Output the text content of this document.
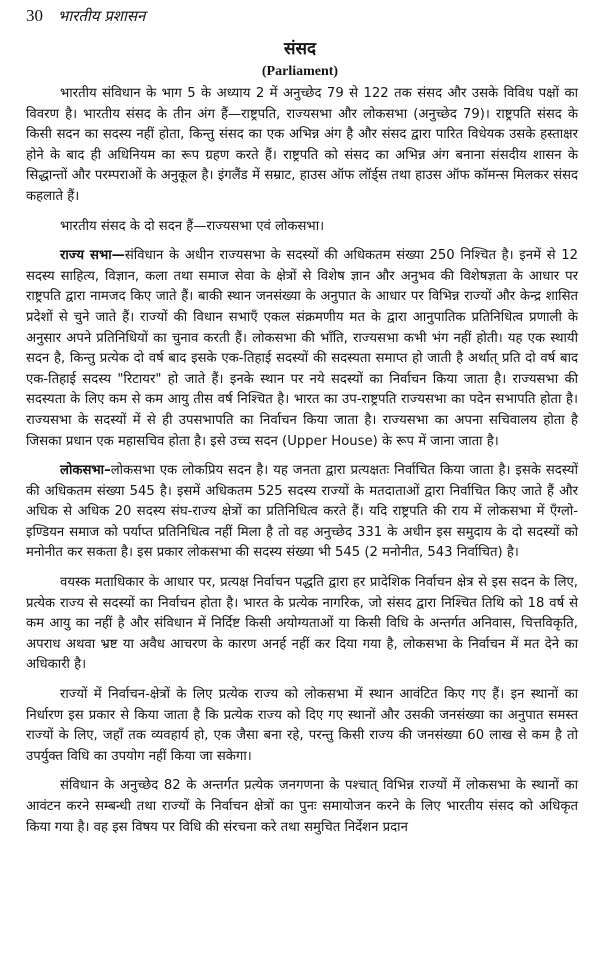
30 भारतीय प्रशासन
संसद
(Parliament)

भारतीय संविधान के भाग 5 के अध्याय 2 में अनुच्छेद 79 से 122 तक संसद और उसके विविध पक्षों का विवरण है। भारतीय संसद के तीन अंग हैं—राष्ट्रपति, राज्यसभा और लोकसभा (अनुच्छेद 79)। राष्ट्रपति संसद के किसी सदन का सदस्य नहीं होता, किन्तु संसद का एक अभिन्न अंग है और संसद द्वारा पारित विधेयक उसके हस्ताक्षर होने के बाद ही अधिनियम का रूप ग्रहण करते हैं। राष्ट्रपति को संसद का अभिन्न अंग बनाना संसदीय शासन के सिद्धान्तों और परम्पराओं के अनुकूल है। इंगलैंड में सम्राट, हाउस ऑफ लॉर्ड्स तथा हाउस ऑफ कॉमन्स मिलकर संसद कहलाते हैं।

भारतीय संसद के दो सदन हैं—राज्यसभा एवं लोकसभा।

राज्य सभा—संविधान के अधीन राज्यसभा के सदस्यों की अधिकतम संख्या 250 निश्चित है। इनमें से 12 सदस्य साहित्य, विज्ञान, कला तथा समाज सेवा के क्षेत्रों से विशेष ज्ञान और अनुभव की विशेषज्ञता के आधार पर राष्ट्रपति द्वारा नामजद किए जाते हैं। बाकी स्थान जनसंख्या के अनुपात के आधार पर विभिन्न राज्यों और केन्द्र शासित प्रदेशों से चुने जाते हैं। राज्यों की विधान सभाएँ एकल संक्रमणीय मत के द्वारा आनुपातिक प्रतिनिधित्व प्रणाली के अनुसार अपने प्रतिनिधियों का चुनाव करती हैं। लोकसभा की भाँति, राज्यसभा कभी भंग नहीं होती। यह एक स्थायी सदन है, किन्तु प्रत्येक दो वर्ष बाद इसके एक-तिहाई सदस्यों की सदस्यता समाप्त हो जाती है अर्थात् प्रति दो वर्ष बाद एक-तिहाई सदस्य "रिटायर" हो जाते हैं। इनके स्थान पर नये सदस्यों का निर्वाचन किया जाता है। राज्यसभा की सदस्यता के लिए कम से कम आयु तीस वर्ष निश्चित है। भारत का उप-राष्ट्रपति राज्यसभा का पदेन सभापति होता है। राज्यसभा के सदस्यों में से ही उपसभापति का निर्वाचन किया जाता है। राज्यसभा का अपना सचिवालय होता है जिसका प्रधान एक महासचिव होता है। इसे उच्च सदन (Upper House) के रूप में जाना जाता है।

लोकसभा–लोकसभा एक लोकप्रिय सदन है। यह जनता द्वारा प्रत्यक्षतः निर्वाचित किया जाता है। इसके सदस्यों की अधिकतम संख्या 545 है। इसमें अधिकतम 525 सदस्य राज्यों के मतदाताओं द्वारा निर्वाचित किए जाते हैं और अधिक से अधिक 20 सदस्य संघ-राज्य क्षेत्रों का प्रतिनिधित्व करते हैं। यदि राष्ट्रपति की राय में लोकसभा में एँग्लो-इण्डियन समाज को पर्याप्त प्रतिनिधित्व नहीं मिला है तो वह अनुच्छेद 331 के अधीन इस समुदाय के दो सदस्यों को मनोनीत कर सकता है। इस प्रकार लोकसभा की सदस्य संख्या भी 545 (2 मनोनीत, 543 निर्वाचित) है।

वयस्क मताधिकार के आधार पर, प्रत्यक्ष निर्वाचन पद्धति द्वारा हर प्रादेशिक निर्वाचन क्षेत्र से इस सदन के लिए, प्रत्येक राज्य से सदस्यों का निर्वाचन होता है। भारत के प्रत्येक नागरिक, जो संसद द्वारा निश्चित तिथि को 18 वर्ष से कम आयु का नहीं है और संविधान में निर्दिष्ट किसी अयोग्यताओं या किसी विधि के अन्तर्गत अनिवास, चित्तविकृति, अपराध अथवा भ्रष्ट या अवैध आचरण के कारण अनर्ह नहीं कर दिया गया है, लोकसभा के निर्वाचन में मत देने का अधिकारी है।

राज्यों में निर्वाचन-क्षेत्रों के लिए प्रत्येक राज्य को लोकसभा में स्थान आवंटित किए गए हैं। इन स्थानों का निर्धारण इस प्रकार से किया जाता है कि प्रत्येक राज्य को दिए गए स्थानों और उसकी जनसंख्या का अनुपात समस्त राज्यों के लिए, जहाँ तक व्यवहार्य हो, एक जैसा बना रहे, परन्तु किसी राज्य की जनसंख्या 60 लाख से कम है तो उपर्युक्त विधि का उपयोग नहीं किया जा सकेगा।

संविधान के अनुच्छेद 82 के अन्तर्गत प्रत्येक जनगणना के पश्चात् विभिन्न राज्यों में लोकसभा के स्थानों का आवंटन करने सम्बन्धी तथा राज्यों के निर्वाचन क्षेत्रों का पुनः समायोजन करने के लिए भारतीय संसद को अधिकृत किया गया है। वह इस विषय पर विधि की संरचना करे तथा समुचित निर्देशन प्रदान
